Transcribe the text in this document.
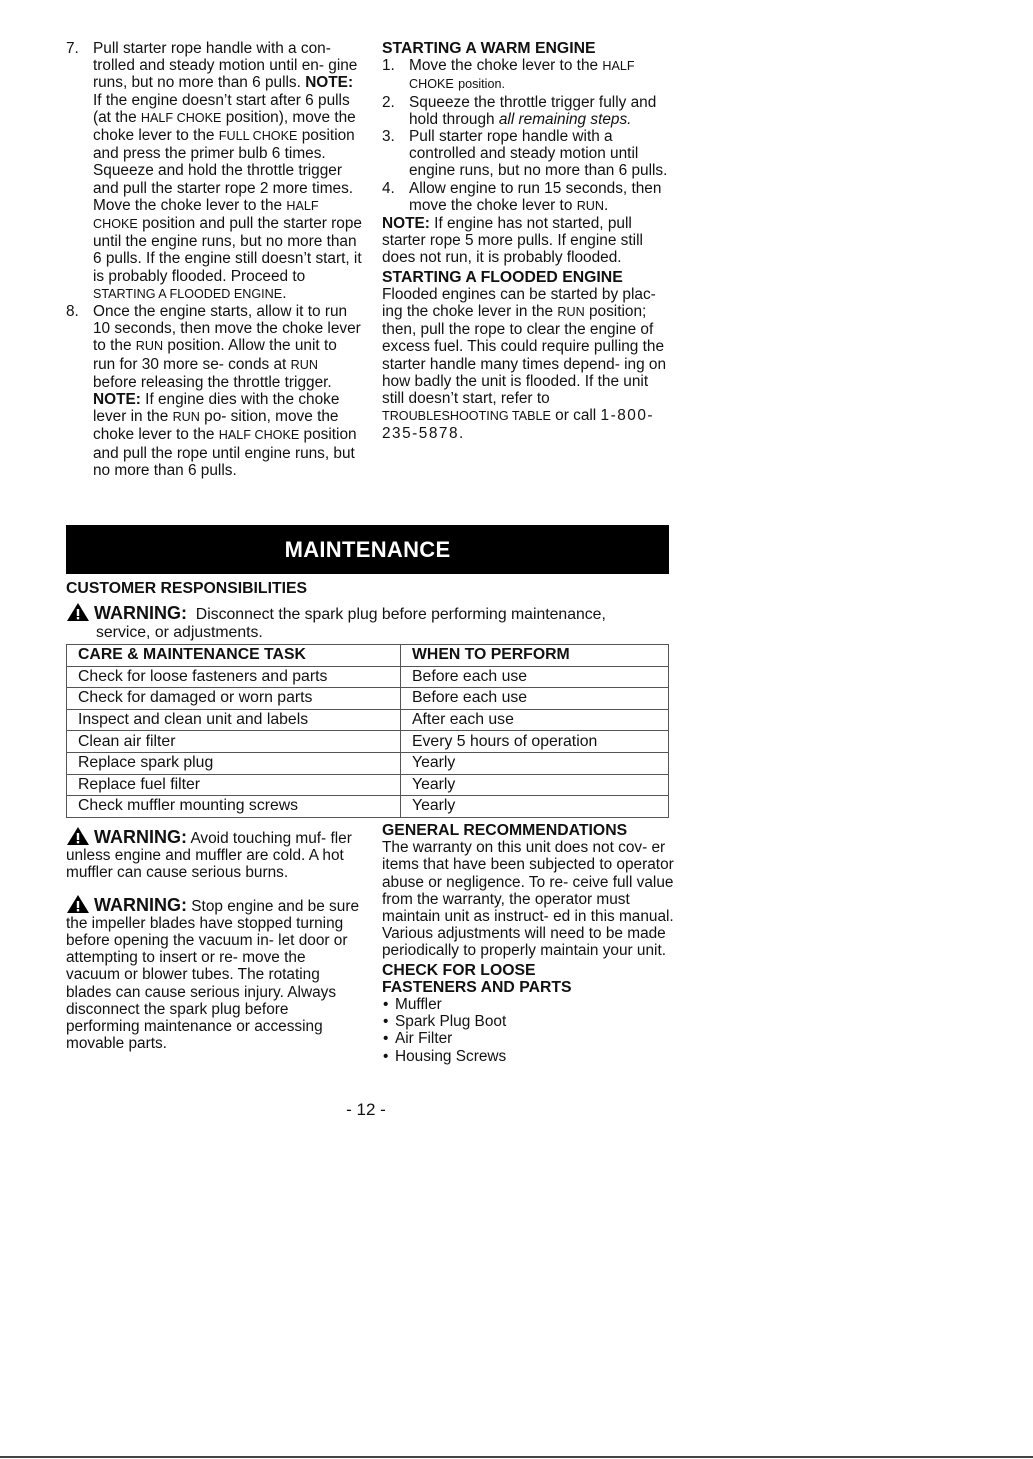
7. Pull starter rope handle with a con- trolled and steady motion until en- gine runs, but no more than 6 pulls. NOTE: If the engine doesn’t start after 6 pulls (at the HALF CHOKE position), move the choke lever to the FULL CHOKE position and press the primer bulb 6 times. Squeeze and hold the throttle trigger and pull the starter rope 2 more times. Move the choke lever to the HALF CHOKE position and pull the starter rope until the engine runs, but no more than 6 pulls. If the engine still doesn’t start, it is probably flooded. Proceed to STARTING A FLOODED ENGINE.
8. Once the engine starts, allow it to run 10 seconds, then move the choke lever to the RUN position. Allow the unit to run for 30 more se- conds at RUN before releasing the throttle trigger. NOTE: If engine dies with the choke lever in the RUN po- sition, move the choke lever to the HALF CHOKE position and pull the rope until engine runs, but no more than 6 pulls.
STARTING A WARM ENGINE
1. Move the choke lever to the HALF CHOKE position.
2. Squeeze the throttle trigger fully and hold through all remaining steps.
3. Pull starter rope handle with a controlled and steady motion until engine runs, but no more than 6 pulls.
4. Allow engine to run 15 seconds, then move the choke lever to RUN.
NOTE: If engine has not started, pull starter rope 5 more pulls. If engine still does not run, it is probably flooded.
STARTING A FLOODED ENGINE
Flooded engines can be started by plac- ing the choke lever in the RUN position; then, pull the rope to clear the engine of excess fuel. This could require pulling the starter handle many times depend- ing on how badly the unit is flooded. If the unit still doesn’t start, refer to TROUBLESHOOTING TABLE or call 1-800-235-5878.
MAINTENANCE
CUSTOMER RESPONSIBILITIES
WARNING: Disconnect the spark plug before performing maintenance,
service, or adjustments.
CARE & MAINTENANCE TASK	WHEN TO PERFORM
Check for loose fasteners and parts	Before each use
Check for damaged or worn parts	Before each use
Inspect and clean unit and labels	After each use
Clean air filter	Every 5 hours of operation
Replace spark plug	Yearly
Replace fuel filter	Yearly
Check muffler mounting screws	Yearly

WARNING: Avoid touching muf- fler unless engine and muffler are cold. A hot muffler can cause serious burns.

WARNING: Stop engine and be sure the impeller blades have stopped turning before opening the vacuum in- let door or attempting to insert or re- move the vacuum or blower tubes. The rotating blades can cause serious injury. Always disconnect the spark plug before performing maintenance or accessing movable parts.

GENERAL RECOMMENDATIONS

The warranty on this unit does not cov- er items that have been subjected to operator abuse or negligence. To re- ceive full value from the warranty, the operator must maintain unit as instruct- ed in this manual. Various adjustments will need to be made periodically to properly maintain your unit.

CHECK FOR LOOSE
FASTENERS AND PARTS
• Muffler
• Spark Plug Boot
• Air Filter
• Housing Screws
- 12 -
